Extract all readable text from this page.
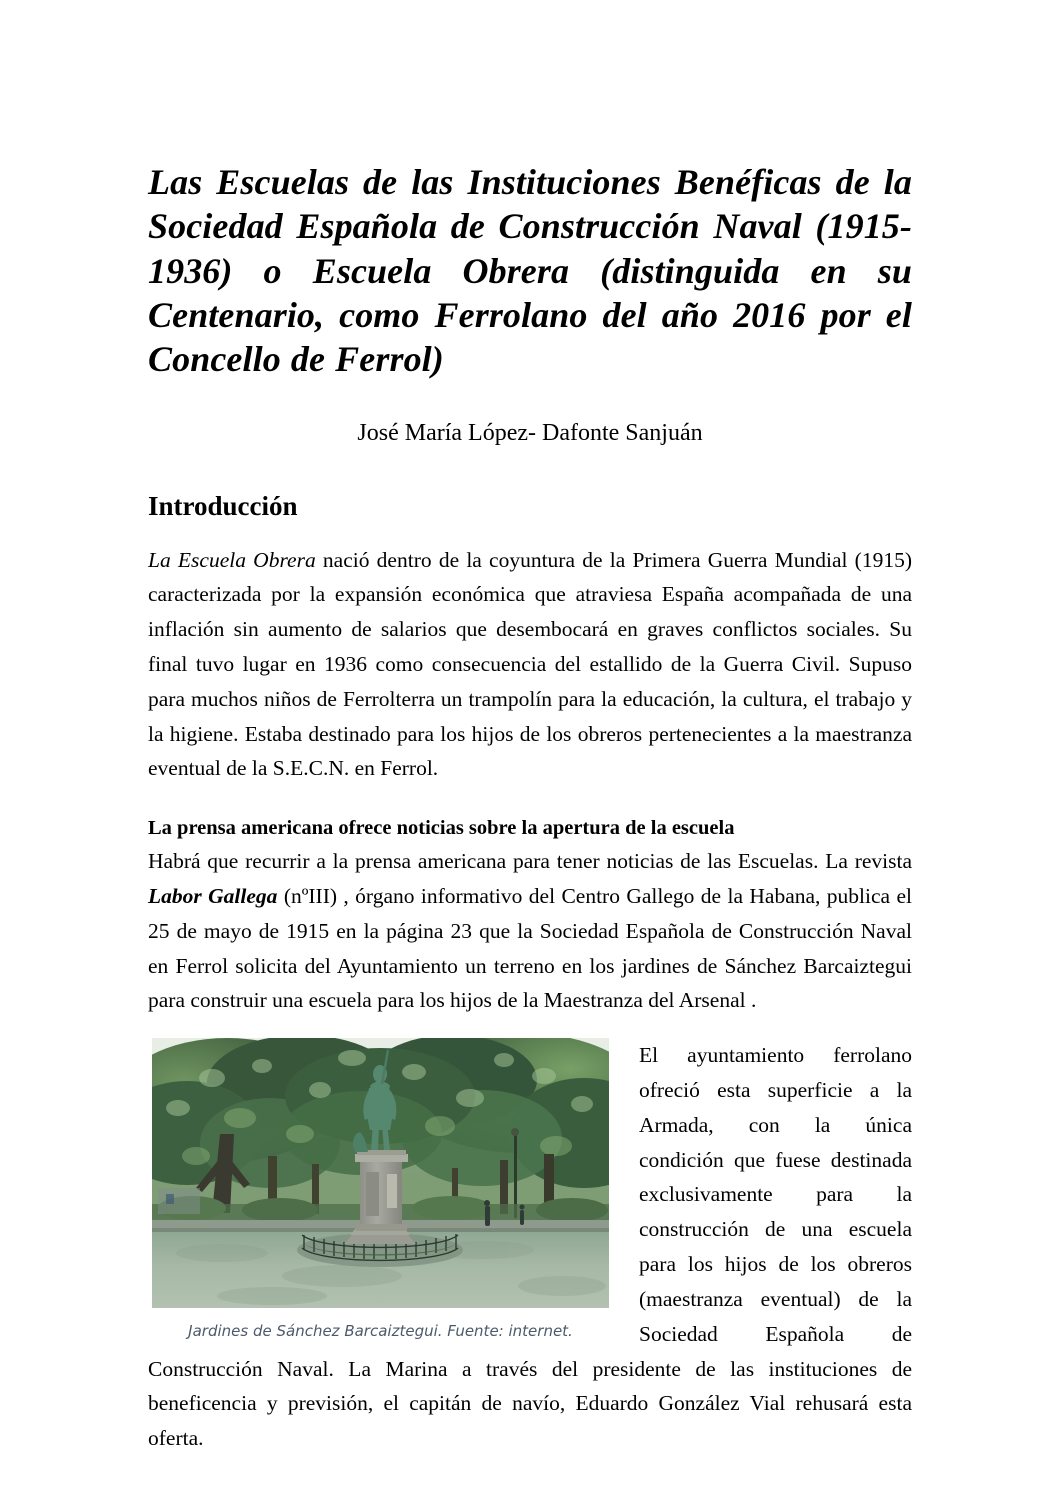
Las Escuelas de las Instituciones Benéficas de la Sociedad Española de Construcción Naval (1915-1936) o Escuela Obrera (distinguida en su Centenario, como Ferrolano del año 2016 por el Concello de Ferrol)

José María López- Dafonte Sanjuán

Introducción

La Escuela Obrera nació dentro de la coyuntura de la Primera Guerra Mundial (1915) caracterizada por la expansión económica que atraviesa España acompañada de una inflación sin aumento de salarios que desembocará en graves conflictos sociales. Su final tuvo lugar en 1936 como consecuencia del estallido de la Guerra Civil. Supuso para muchos niños de Ferrolterra un trampolín para la educación, la cultura, el trabajo y la higiene. Estaba destinado para los hijos de los obreros pertenecientes a la maestranza eventual de la S.E.C.N. en Ferrol.

La prensa americana ofrece noticias sobre la apertura de la escuela

Habrá que recurrir a la prensa americana para tener noticias de las Escuelas. La revista Labor Gallega (nºIII) , órgano informativo del Centro Gallego de la Habana, publica el 25 de mayo de 1915 en la página 23 que la Sociedad Española de Construcción Naval en Ferrol solicita del Ayuntamiento un terreno en los jardines de Sánchez Barcaiztegui para construir una escuela para los hijos de la Maestranza del Arsenal .

Jardines de Sánchez Barcaiztegui. Fuente: internet.

El ayuntamiento ferrolano ofreció esta superficie a la Armada, con la única condición que fuese destinada exclusivamente para la construcción de una escuela para los hijos de los obreros (maestranza eventual) de la Sociedad Española de Construcción Naval. La Marina a través del presidente de las instituciones de beneficencia y previsión, el capitán de navío, Eduardo González Vial rehusará esta oferta.
